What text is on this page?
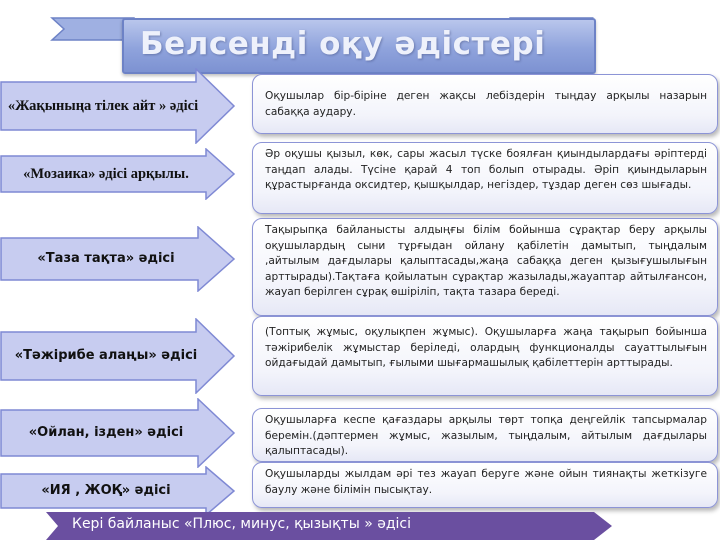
Белсенді оқу әдістері
«Жақыныңа тілек айт » әдісі
Оқушылар бір-біріне деген жақсы лебіздерін тыңдау арқылы назарын сабаққа аудару.
«Мозаика» әдісі арқылы.
Әр оқушы қызыл, көк, сары жасыл түске боялған қиындылардағы әріптерді таңдап алады. Түсіне қарай 4 топ болып отырады. Әріп қиындыларын құрастырғанда оксидтер, қышқылдар, негіздер, тұздар деген сөз шығады.
«Таза тақта» әдісі
Тақырыпқа байланысты алдыңғы білім бойынша сұрақтар беру арқылы оқушылардың сыни тұрғыдан ойлану қабілетін дамытып, тыңдалым ,айтылым дағдылары қалыптасады,жаңа сабаққа деген қызығушылығын арттырады).Тақтаға қойылатын сұрақтар жазылады,жауаптар айтылғансон, жауап берілген сұрақ өшіріліп, тақта тазара береді.
«Тәжірибе алаңы» әдісі
(Топтық жұмыс, оқулықпен жұмыс). Оқушыларға жаңа тақырып бойынша тәжірибелік жұмыстар беріледі, олардың функционалды сауаттылығын ойдағыдай дамытып, ғылыми шығармашылық қабілеттерін арттырады.
«Ойлан, ізден» әдісі
Оқушыларға кеспе қағаздары арқылы төрт топқа деңгейлік тапсырмалар беремін.(дәптермен жұмыс, жазылым, тыңдалым, айтылым дағдылары қалыптасады).
«ИЯ , ЖОҚ» әдісі
Оқушыларды жылдам әрі тез жауап беруге және ойын тиянақты жеткізуге баулу және білімін пысықтау.
Кері байланыс «Плюс, минус, қызықты » әдісі
